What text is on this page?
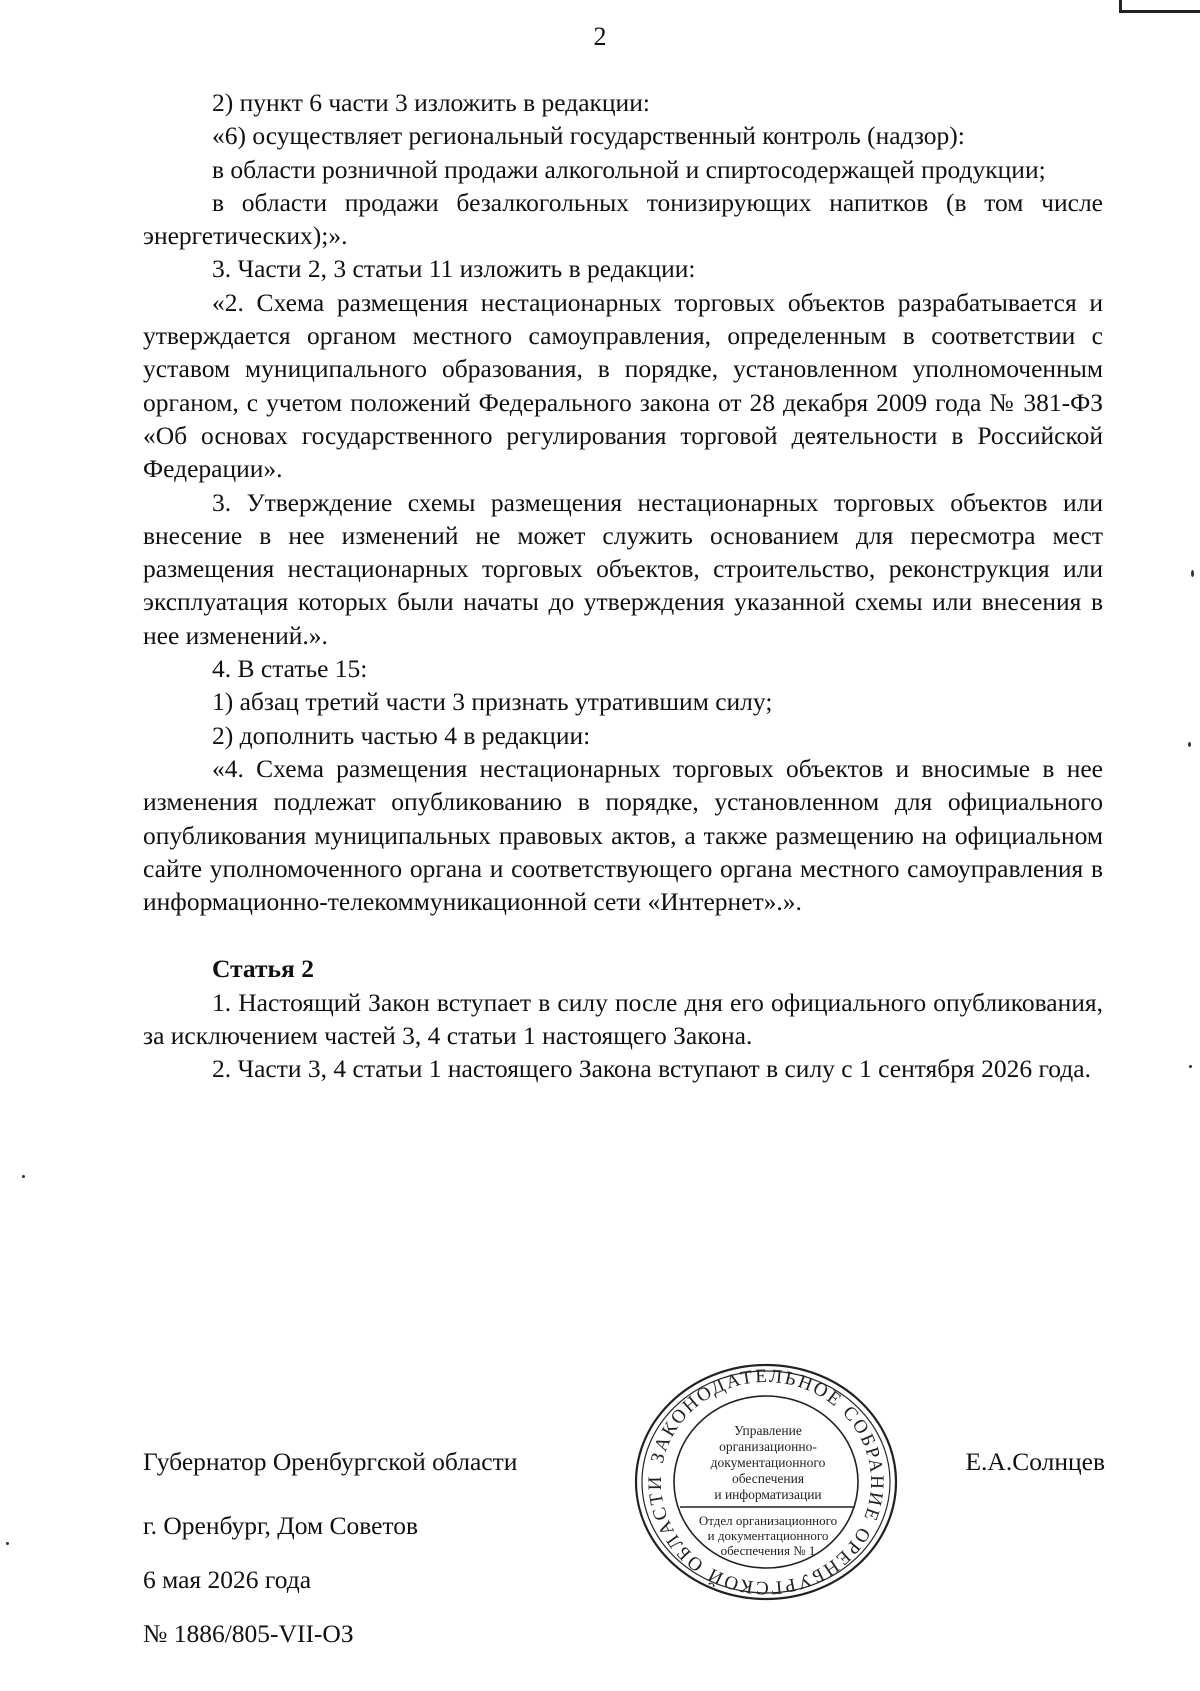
2

2) пункт 6 части 3 изложить в редакции:

«6) осуществляет региональный государственный контроль (надзор):

в области розничной продажи алкогольной и спиртосодержащей продукции;

в области продажи безалкогольных тонизирующих напитков (в том числе энергетических);».

3. Части 2, 3 статьи 11 изложить в редакции:

«2. Схема размещения нестационарных торговых объектов разрабатывается и утверждается органом местного самоуправления, определенным в соответствии с уставом муниципального образования, в порядке, установленном уполномоченным органом, с учетом положений Федерального закона от 28 декабря 2009 года № 381-ФЗ «Об основах государственного регулирования торговой деятельности в Российской Федерации».

3. Утверждение схемы размещения нестационарных торговых объектов или внесение в нее изменений не может служить основанием для пересмотра мест размещения нестационарных торговых объектов, строительство, реконструкция или эксплуатация которых были начаты до утверждения указанной схемы или внесения в нее изменений.».

4. В статье 15:

1) абзац третий части 3 признать утратившим силу;

2) дополнить частью 4 в редакции:

«4. Схема размещения нестационарных торговых объектов и вносимые в нее изменения подлежат опубликованию в порядке, установленном для официального опубликования муниципальных правовых актов, а также размещению на официальном сайте уполномоченного органа и соответствующего органа местного самоуправления в информационно-телекоммуникационной сети «Интернет».».

Статья 2

1. Настоящий Закон вступает в силу после дня его официального опубликования, за исключением частей 3, 4 статьи 1 настоящего Закона.

2. Части 3, 4 статьи 1 настоящего Закона вступают в силу с 1 сентября 2026 года.

Губернатор Оренбургской области	Е.А.Солнцев
г. Оренбург, Дом Советов
6 мая 2026 года
№ 1886/805-VII-ОЗ
ЗАКОНОДАТЕЛЬНОЕ СОБРАНИЕ ОРЕНБУРГСКОЙ ОБЛАСТИ
Управление
организационно-
документационного
обеспечения
и информатизации
Отдел организационного
и документационного
обеспечения № 1
